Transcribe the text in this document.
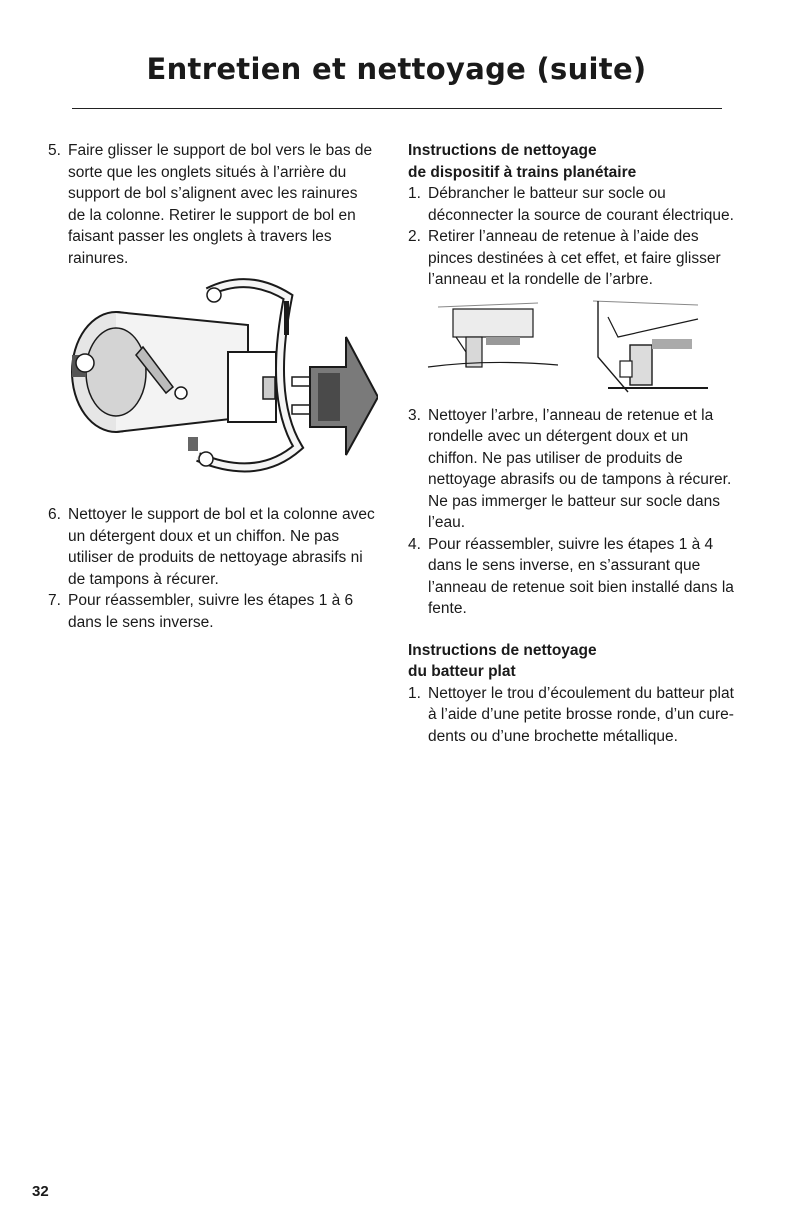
Entretien et nettoyage (suite)
5. Faire glisser le support de bol vers le bas de sorte que les onglets situés à l’arrière du support de bol s’alignent avec les rainures de la colonne. Retirer le support de bol en faisant passer les onglets à travers les rainures.
6. Nettoyer le support de bol et la colonne avec un détergent doux et un chiffon. Ne pas utiliser de produits de nettoyage abrasifs ni de tampons à récurer.
7. Pour réassembler, suivre les étapes 1 à 6 dans le sens inverse.
Instructions de nettoyage
de dispositif à trains planétaire
1. Débrancher le batteur sur socle ou déconnecter la source de courant électrique.
2. Retirer l’anneau de retenue à l’aide des pinces destinées à cet effet, et faire glisser l’anneau et la rondelle de l’arbre.
3. Nettoyer l’arbre, l’anneau de retenue et la rondelle avec un détergent doux et un chiffon. Ne pas utiliser de produits de nettoyage abrasifs ou de tampons à récurer. Ne pas immerger le batteur sur socle dans l’eau.
4. Pour réassembler, suivre les étapes 1 à 4 dans le sens inverse, en s’assurant que l’anneau de retenue soit bien installé dans la fente.
Instructions de nettoyage
du batteur plat
1. Nettoyer le trou d’écoulement du batteur plat à l’aide d’une petite brosse ronde, d’un cure-dents ou d’une brochette métallique.
32
